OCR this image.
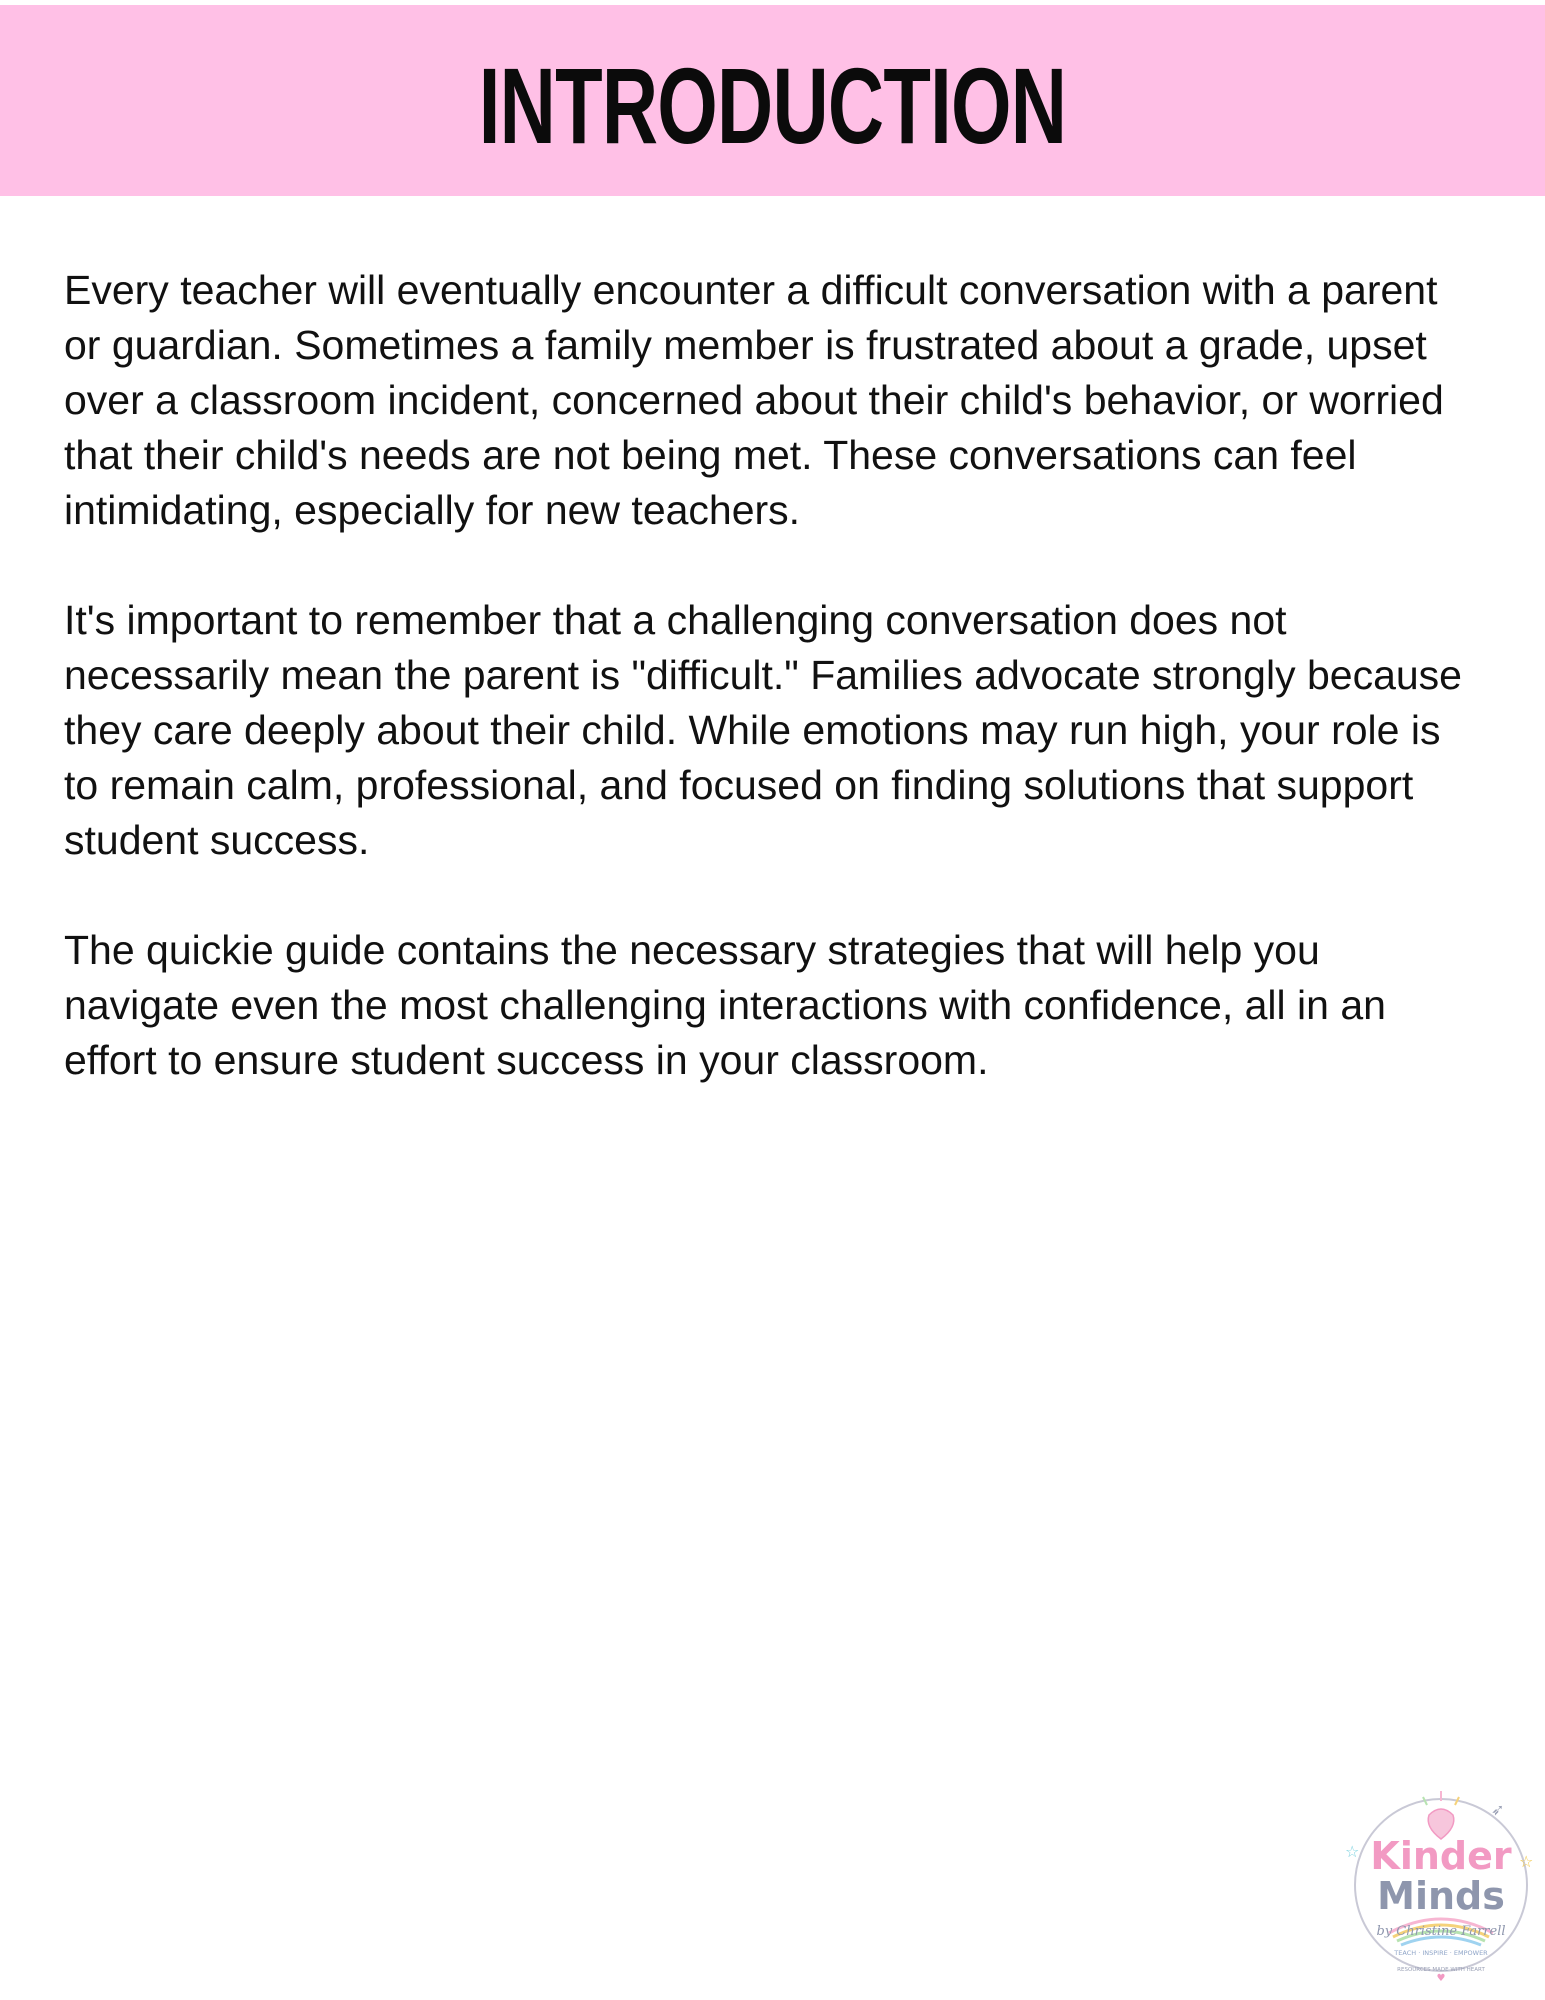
INTRODUCTION

Every teacher will eventually encounter a difficult conversation with a parent or guardian. Sometimes a family member is frustrated about a grade, upset over a classroom incident, concerned about their child's behavior, or worried that their child's needs are not being met. These conversations can feel intimidating, especially for new teachers.

It's important to remember that a challenging conversation does not necessarily mean the parent is "difficult." Families advocate strongly because they care deeply about their child. While emotions may run high, your role is to remain calm, professional, and focused on finding solutions that support student success.

The quickie guide contains the necessary strategies that will help you navigate even the most challenging interactions with confidence, all in an effort to ensure student success in your classroom.

☆
☆
➶
Kinder
Minds
by Christine Farrell
TEACH · INSPIRE · EMPOWER
RESOURCES MADE WITH HEART
♥
